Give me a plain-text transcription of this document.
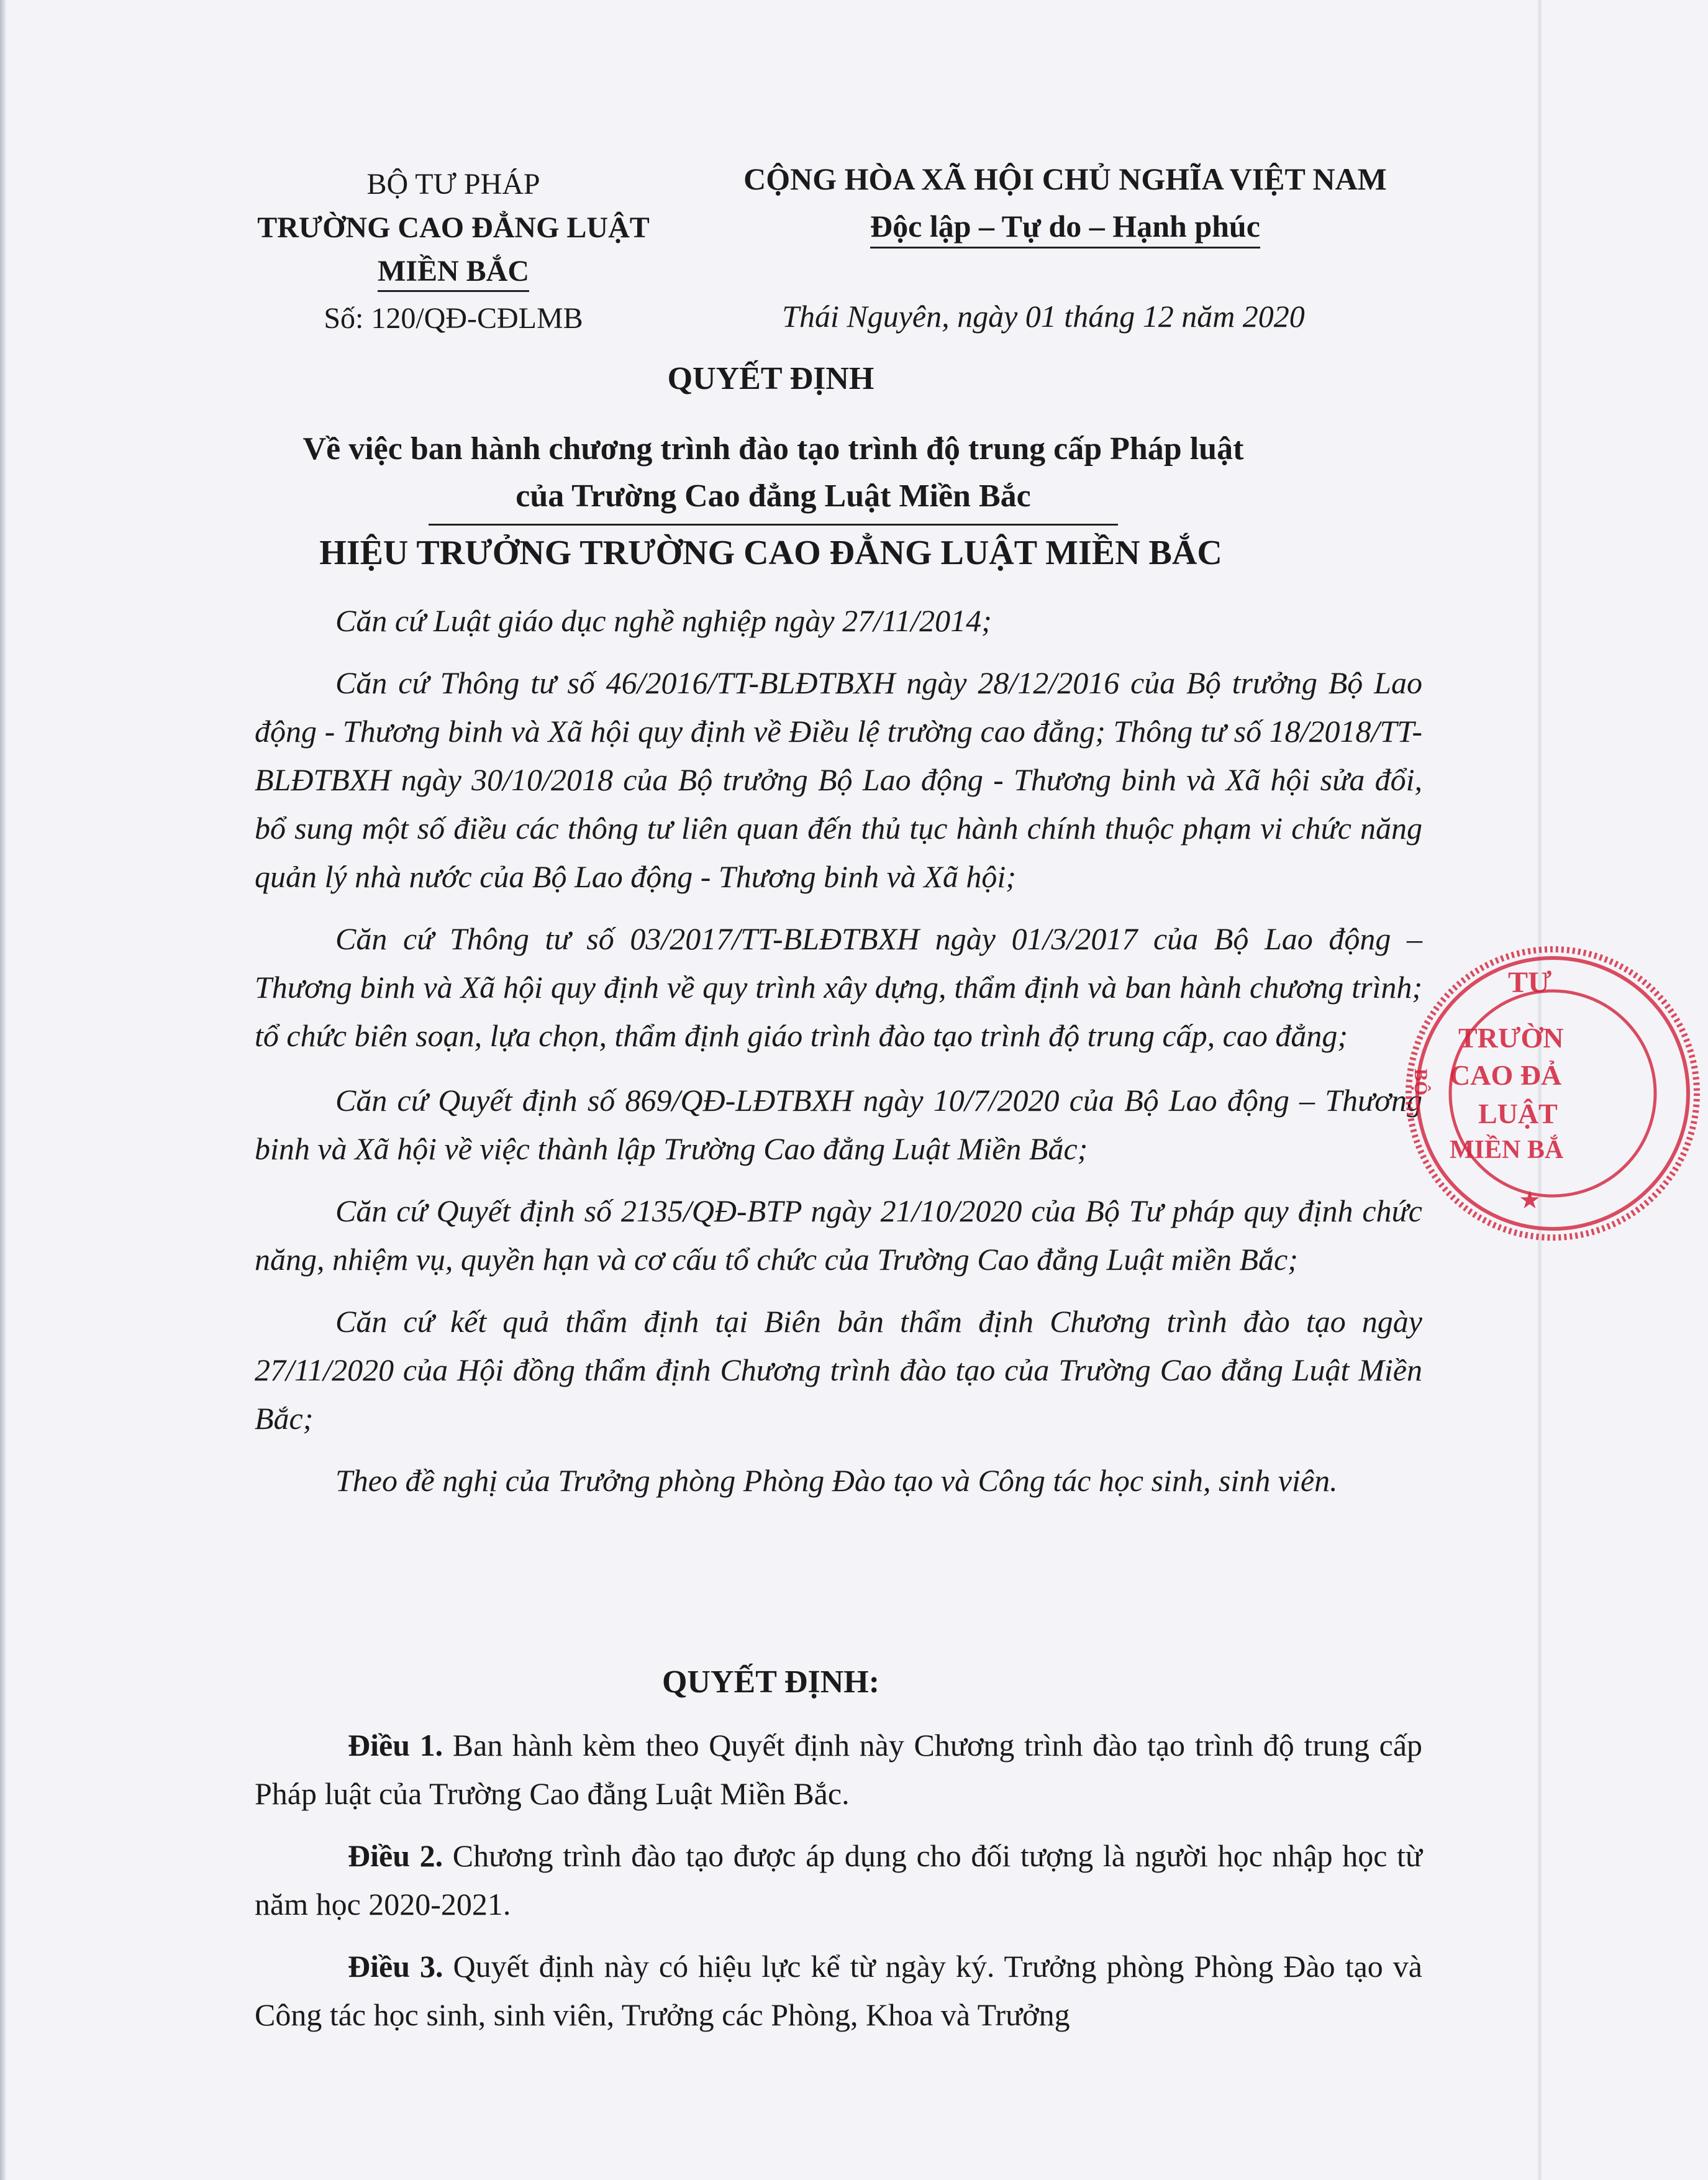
BỘ TƯ PHÁP
TRƯỜNG CAO ĐẲNG LUẬT
MIỀN BẮC
Số: 120/QĐ-CĐLMB
CỘNG HÒA XÃ HỘI CHỦ NGHĨA VIỆT NAM
Độc lập – Tự do – Hạnh phúc
Thái Nguyên, ngày 01 tháng 12 năm 2020
QUYẾT ĐỊNH
Về việc ban hành chương trình đào tạo trình độ trung cấp Pháp luật
của Trường Cao đẳng Luật Miền Bắc
HIỆU TRƯỞNG TRƯỜNG CAO ĐẲNG LUẬT MIỀN BẮC

Căn cứ Luật giáo dục nghề nghiệp ngày 27/11/2014;

Căn cứ Thông tư số 46/2016/TT-BLĐTBXH ngày 28/12/2016 của Bộ trưởng Bộ Lao động - Thương binh và Xã hội quy định về Điều lệ trường cao đẳng; Thông tư số 18/2018/TT-BLĐTBXH ngày 30/10/2018 của Bộ trưởng Bộ Lao động - Thương binh và Xã hội sửa đổi, bổ sung một số điều các thông tư liên quan đến thủ tục hành chính thuộc phạm vi chức năng quản lý nhà nước của Bộ Lao động - Thương binh và Xã hội;

Căn cứ Thông tư số 03/2017/TT-BLĐTBXH ngày 01/3/2017 của Bộ Lao động – Thương binh và Xã hội quy định về quy trình xây dựng, thẩm định và ban hành chương trình; tổ chức biên soạn, lựa chọn, thẩm định giáo trình đào tạo trình độ trung cấp, cao đẳng;

Căn cứ Quyết định số 869/QĐ-LĐTBXH ngày 10/7/2020 của Bộ Lao động – Thương binh và Xã hội về việc thành lập Trường Cao đẳng Luật Miền Bắc;

Căn cứ Quyết định số 2135/QĐ-BTP ngày 21/10/2020 của Bộ Tư pháp quy định chức năng, nhiệm vụ, quyền hạn và cơ cấu tổ chức của Trường Cao đẳng Luật miền Bắc;

Căn cứ kết quả thẩm định tại Biên bản thẩm định Chương trình đào tạo ngày 27/11/2020 của Hội đồng thẩm định Chương trình đào tạo của Trường Cao đẳng Luật Miền Bắc;

Theo đề nghị của Trưởng phòng Phòng Đào tạo và Công tác học sinh, sinh viên.

QUYẾT ĐỊNH:

Điều 1. Ban hành kèm theo Quyết định này Chương trình đào tạo trình độ trung cấp Pháp luật của Trường Cao đẳng Luật Miền Bắc.

Điều 2. Chương trình đào tạo được áp dụng cho đối tượng là người học nhập học từ năm học 2020-2021.

Điều 3. Quyết định này có hiệu lực kể từ ngày ký. Trưởng phòng Phòng Đào tạo và Công tác học sinh, sinh viên, Trưởng các Phòng, Khoa và Trưởng

★
TƯ
TRƯỜN
CAO ĐẢ
LUẬT
MIỀN BẮ
BỘ
